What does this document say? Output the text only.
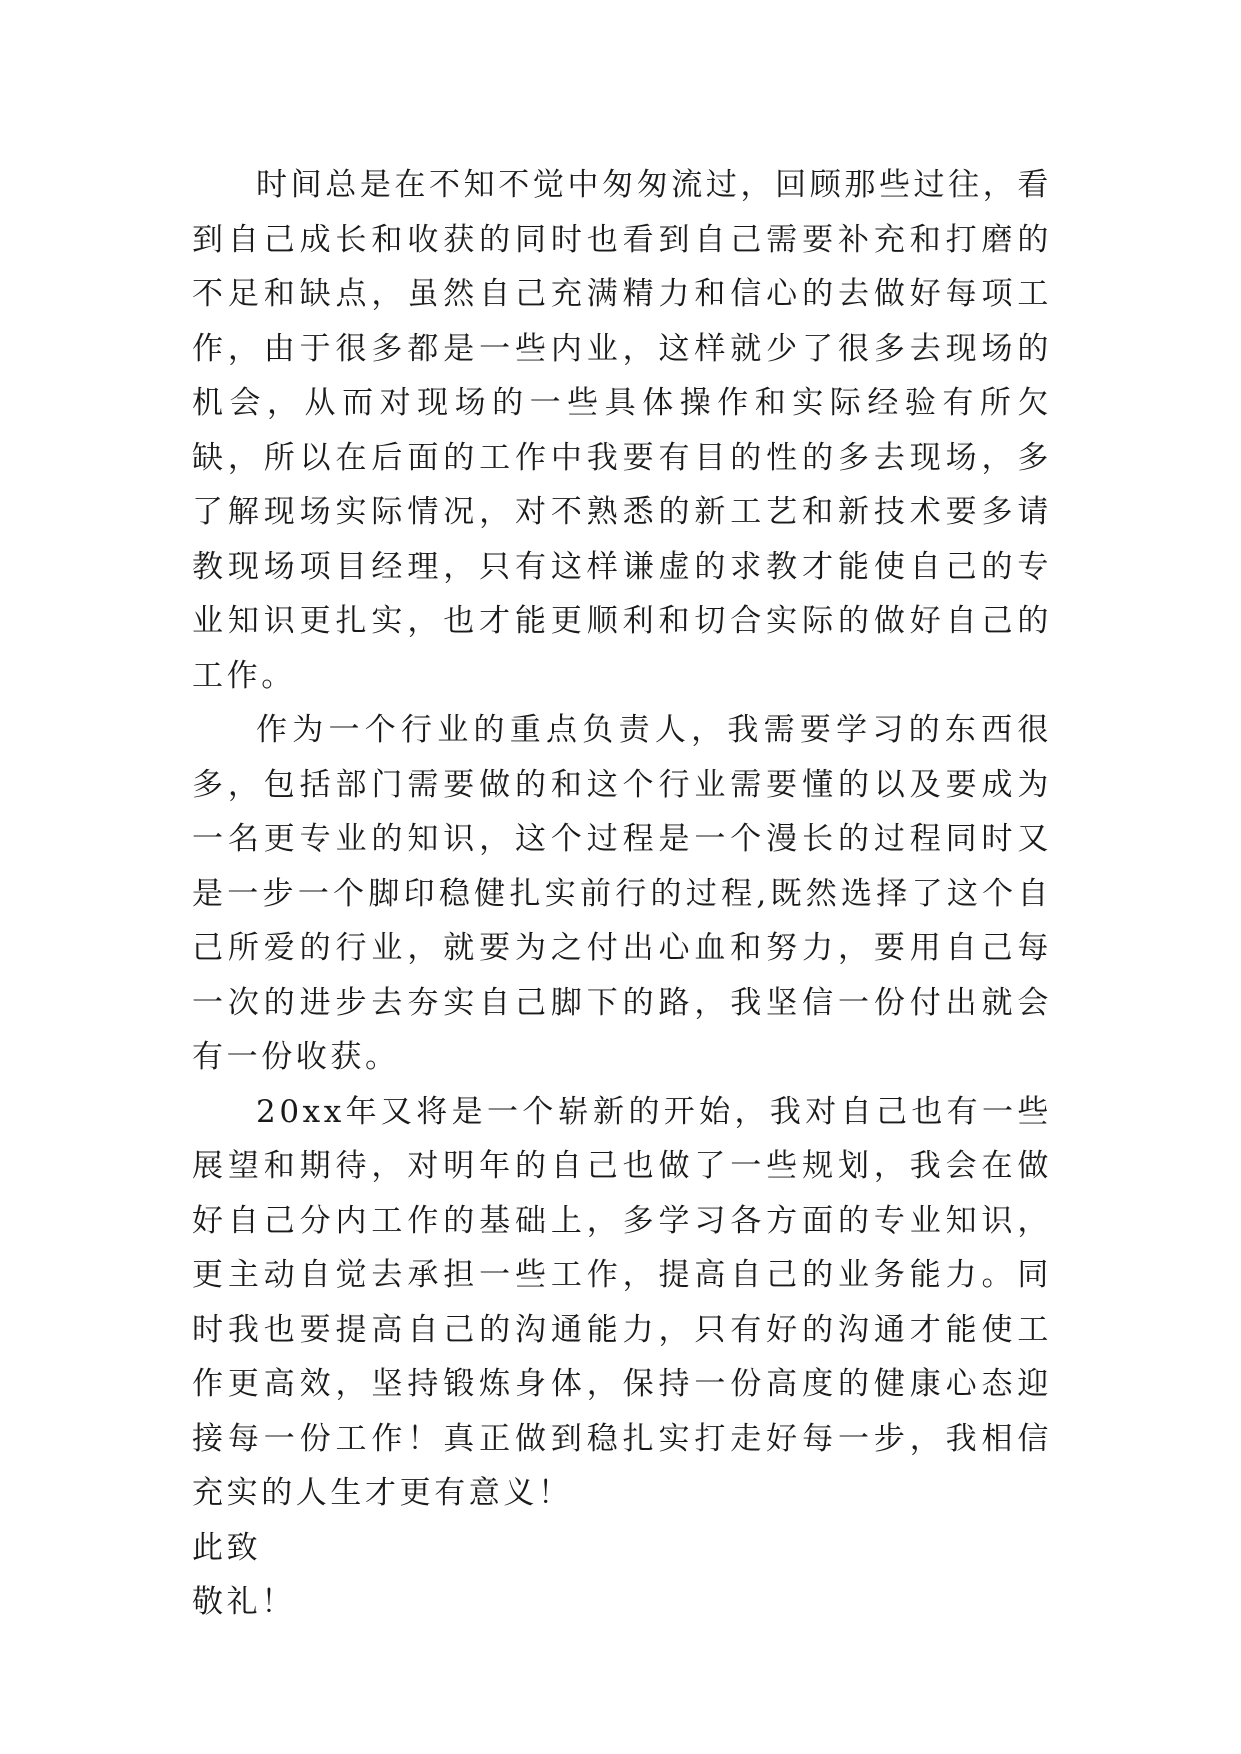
时间总是在不知不觉中匆匆流过，回顾那些过往，看到自己成长和收获的同时也看到自己需要补充和打磨的不足和缺点，虽然自己充满精力和信心的去做好每项工作，由于很多都是一些内业，这样就少了很多去现场的机会，从而对现场的一些具体操作和实际经验有所欠缺，所以在后面的工作中我要有目的性的多去现场，多了解现场实际情况，对不熟悉的新工艺和新技术要多请教现场项目经理，只有这样谦虚的求教才能使自己的专业知识更扎实，也才能更顺利和切合实际的做好自己的工作。

作为一个行业的重点负责人，我需要学习的东西很多，包括部门需要做的和这个行业需要懂的以及要成为一名更专业的知识，这个过程是一个漫长的过程同时又是一步一个脚印稳健扎实前行的过程,既然选择了这个自己所爱的行业，就要为之付出心血和努力，要用自己每一次的进步去夯实自己脚下的路，我坚信一份付出就会有一份收获。

20xx年又将是一个崭新的开始，我对自己也有一些展望和期待，对明年的自己也做了一些规划，我会在做好自己分内工作的基础上，多学习各方面的专业知识，更主动自觉去承担一些工作，提高自己的业务能力。同时我也要提高自己的沟通能力，只有好的沟通才能使工作更高效，坚持锻炼身体，保持一份高度的健康心态迎接每一份工作！真正做到稳扎实打走好每一步，我相信充实的人生才更有意义！

此致

敬礼！
